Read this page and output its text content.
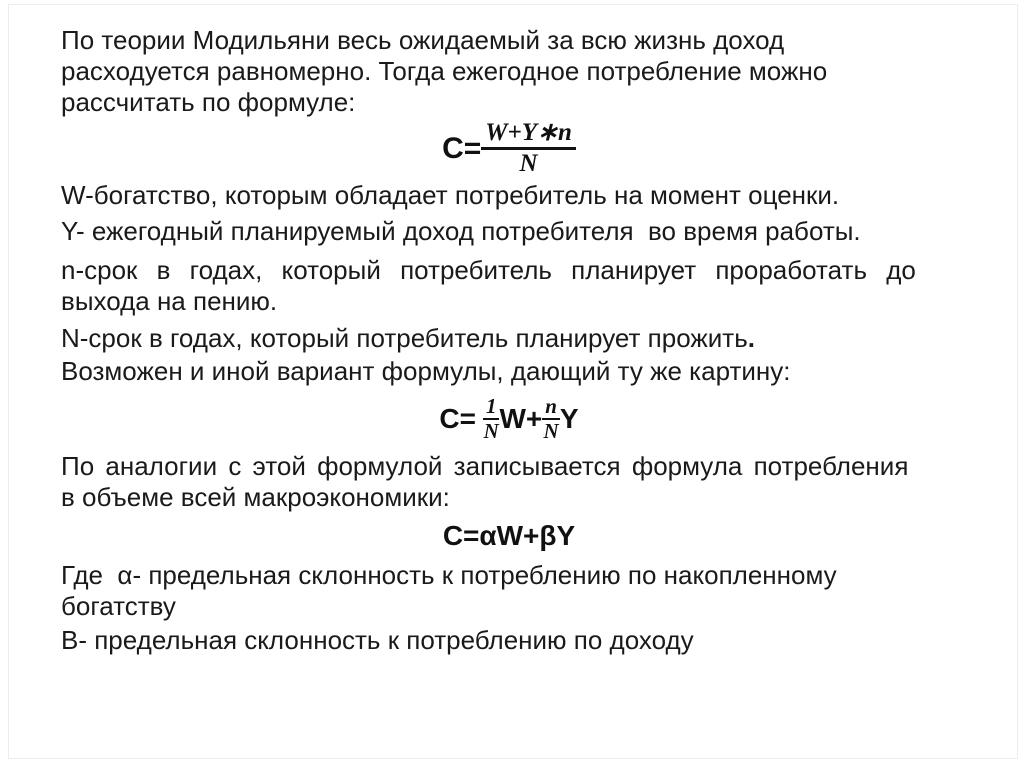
По теории Модильяни весь ожидаемый за всю жизнь доход
расходуется равномерно. Тогда ежегодное потребление можно
рассчитать по формуле:
$C= \frac{W+Y∗n}{N}$
W-богатство, которым обладает потребитель на момент оценки.
Y- ежегодный планируемый доход потребителя  во время работы.
n-срок в годах, который потребитель планирует проработать до
выхода на пению.
N-срок в годах, который потребитель планирует прожить.
Возможен и иной вариант формулы, дающий ту же картину:
$C= \frac{1}{N} W+ \frac{n}{N}$ Y
По аналогии с этой формулой записывается формула потребления
в объеме всей макроэкономики:
C=αW+βY
Где  α- предельная склонность к потреблению по накопленному
богатству
В- предельная склонность к потреблению по доходу
